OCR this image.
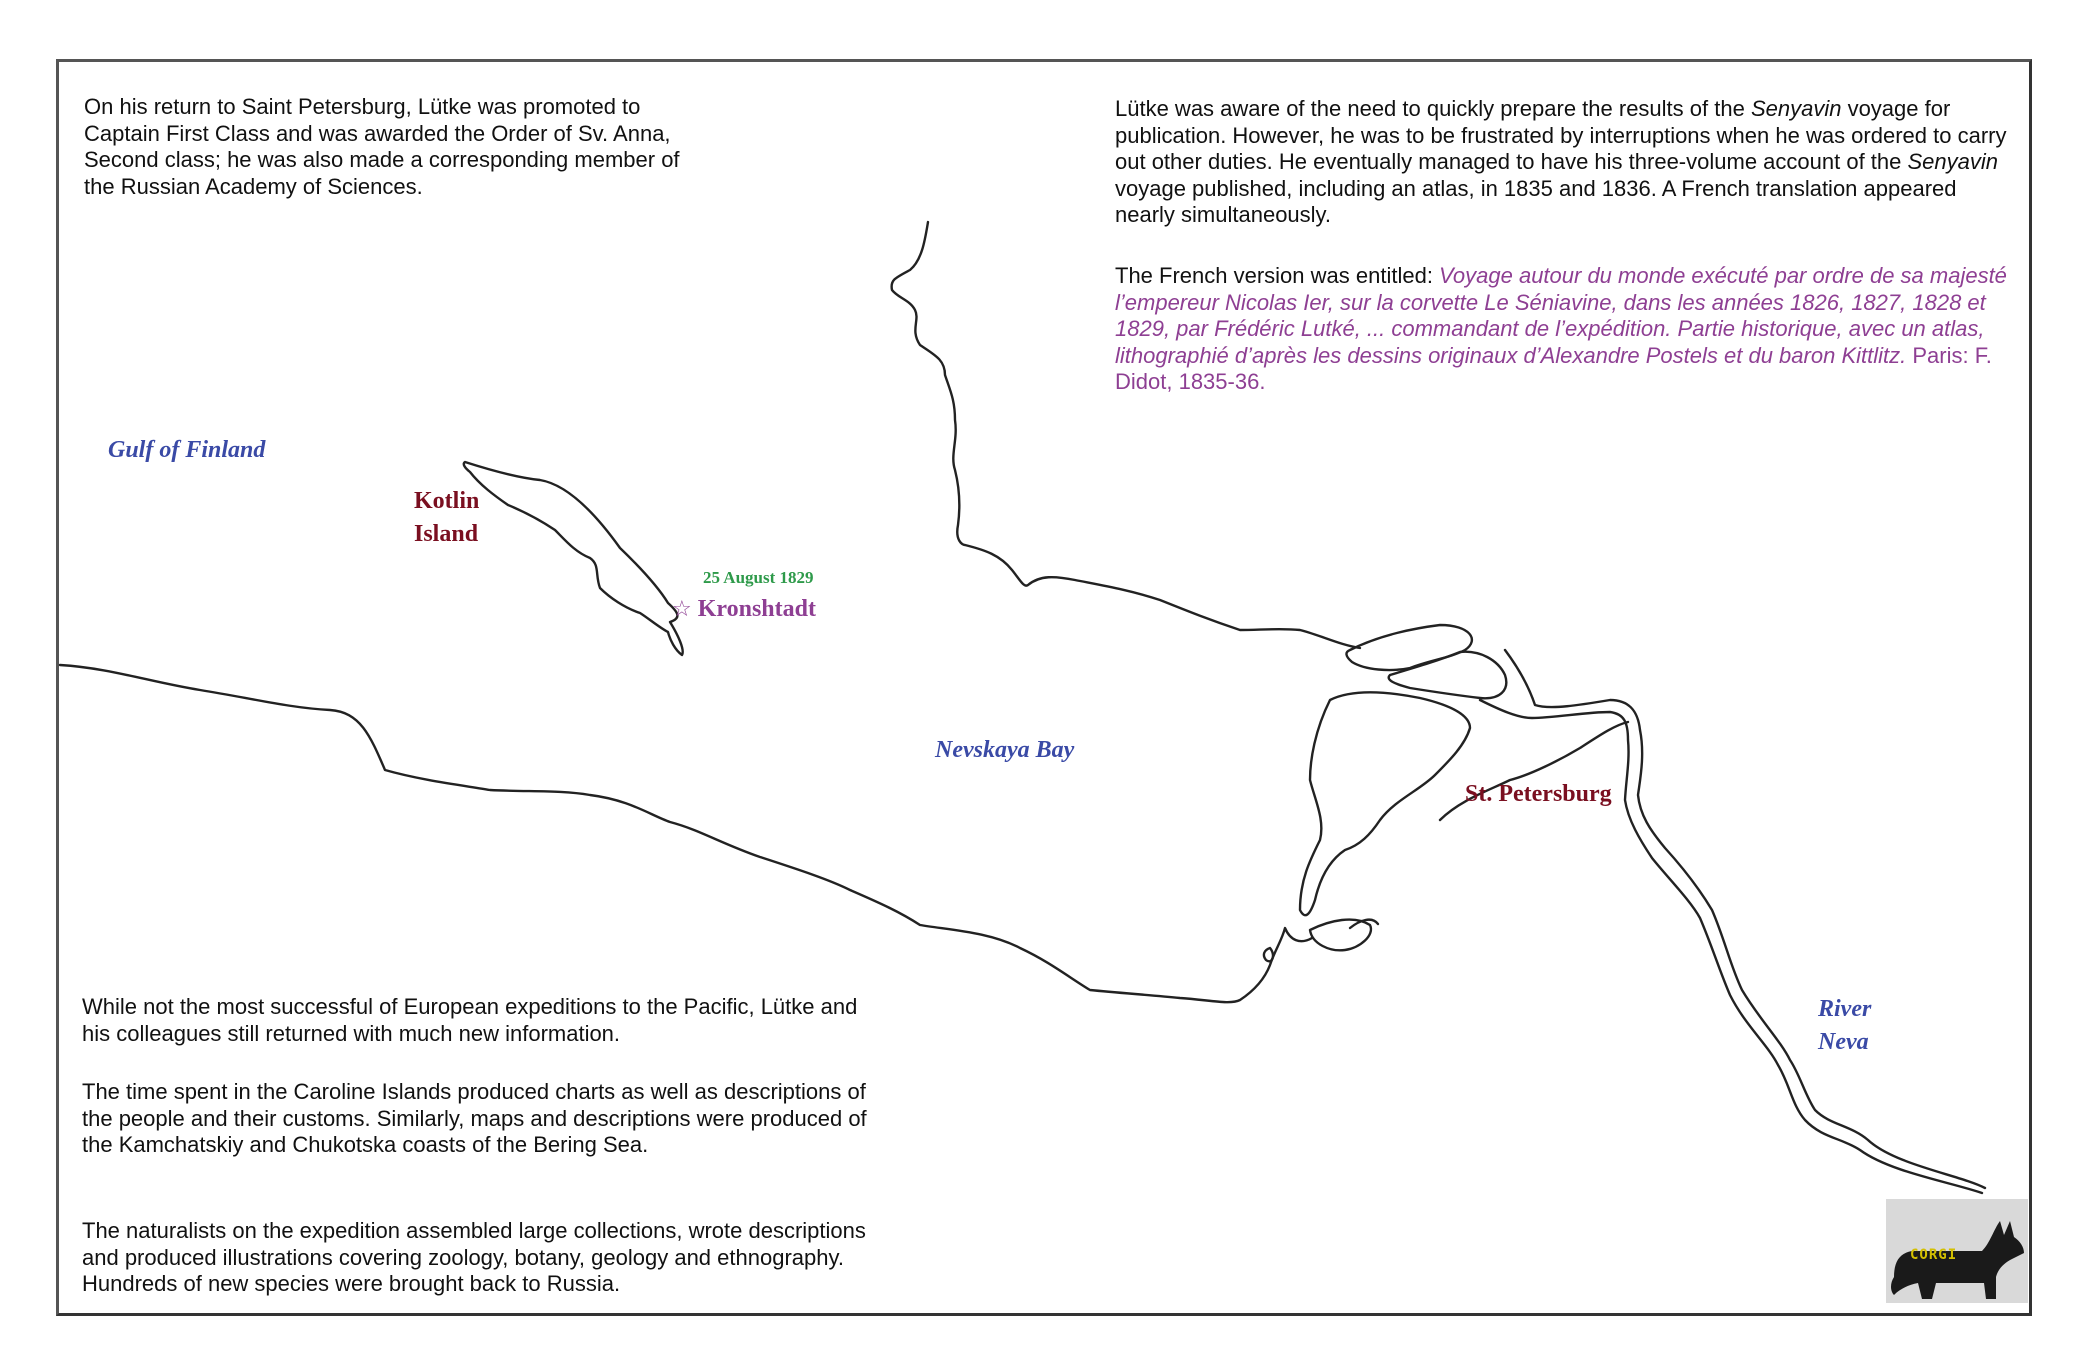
On his return to Saint Petersburg, Lütke was promoted to Captain First Class and was awarded the Order of Sv. Anna, Second class; he was also made a corresponding member of the Russian Academy of Sciences.

Lütke was aware of the need to quickly prepare the results of the Senyavin voyage for publication. However, he was to be frustrated by interruptions when he was ordered to carry out other duties. He eventually managed to have his three-volume account of the Senyavin voyage published, including an atlas, in 1835 and 1836. A French translation appeared nearly simultaneously.

The French version was entitled: Voyage autour du monde exécuté par ordre de sa majesté l’empereur Nicolas Ier, sur la corvette Le Séniavine, dans les années 1826, 1827, 1828 et 1829, par Frédéric Lutké, ... commandant de l’expédition. Partie historique, avec un atlas, lithographié d’après les dessins originaux d’Alexandre Postels et du baron Kittlitz. Paris: F. Didot, 1835-36.

While not the most successful of European expeditions to the Pacific, Lütke and his colleagues still returned with much new information.

The time spent in the Caroline Islands produced charts as well as descriptions of the people and their customs. Similarly, maps and descriptions were produced of the Kamchatskiy and Chukotska coasts of the Bering Sea.

The naturalists on the expedition assembled large collections, wrote descriptions and produced illustrations covering zoology, botany, geology and ethnography. Hundreds of new species were brought back to Russia.

Gulf of Finland
Kotlin
Island
25 August 1829
☆ Kronshtadt
Nevskaya Bay
St. Petersburg
River
Neva
CORGI
